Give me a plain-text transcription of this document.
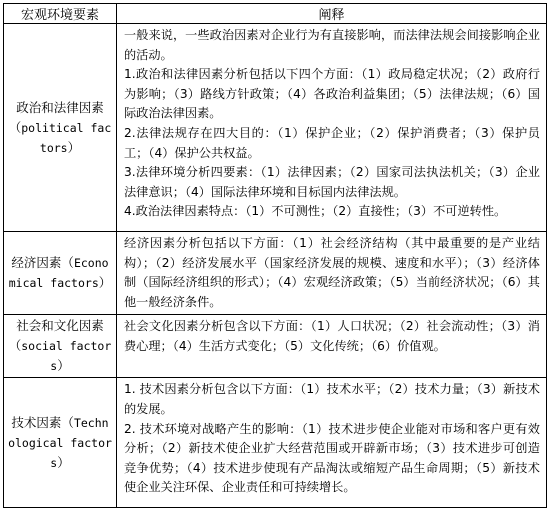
宏观环境要素	阐释
政治和法律因素（political factors）	一般来说，一些政治因素对企业行为有直接影响，而法律法规会间接影响企业的活动。

1.政治和法律因素分析包括以下四个方面：（1）政局稳定状况；（2）政府行为影响；（3）路线方针政策；（4）各政治利益集团；（5）法律法规；（6）国际政治法律因素。

2.法律法规存在四大目的：（1）保护企业；（2）保护消费者；（3）保护员工；（4）保护公共权益。

3.法律环境分析四要素：（1）法律因素；（2）国家司法执法机关；（3）企业法律意识；（4）国际法律环境和目标国内法律法规。

4.政治法律因素特点：（1）不可测性；（2）直接性；（3）不可逆转性。

经济因素（Economical factors）	经济因素分析包括以下方面：（1）社会经济结构（其中最重要的是产业结构）；（2）经济发展水平（国家经济发展的规模、速度和水平）；（3）经济体制（国际经济组织的形式）；（4）宏观经济政策；（5）当前经济状况；（6）其他一般经济条件。

社会和文化因素（social factors）	社会文化因素分析包含以下方面：（1）人口状况；（2）社会流动性；（3）消费心理；（4）生活方式变化；（5）文化传统；（6）价值观。

技术因素（Technological factors）	1. 技术因素分析包含以下方面：（1）技术水平；（2）技术力量；（3）新技术的发展。

2. 技术环境对战略产生的影响：（1）技术进步使企业能对市场和客户更有效分析；（2）新技术使企业扩大经营范围或开辟新市场；（3）技术进步可创造竞争优势；（4）技术进步使现有产品淘汰或缩短产品生命周期；（5）新技术使企业关注环保、企业责任和可持续增长。
